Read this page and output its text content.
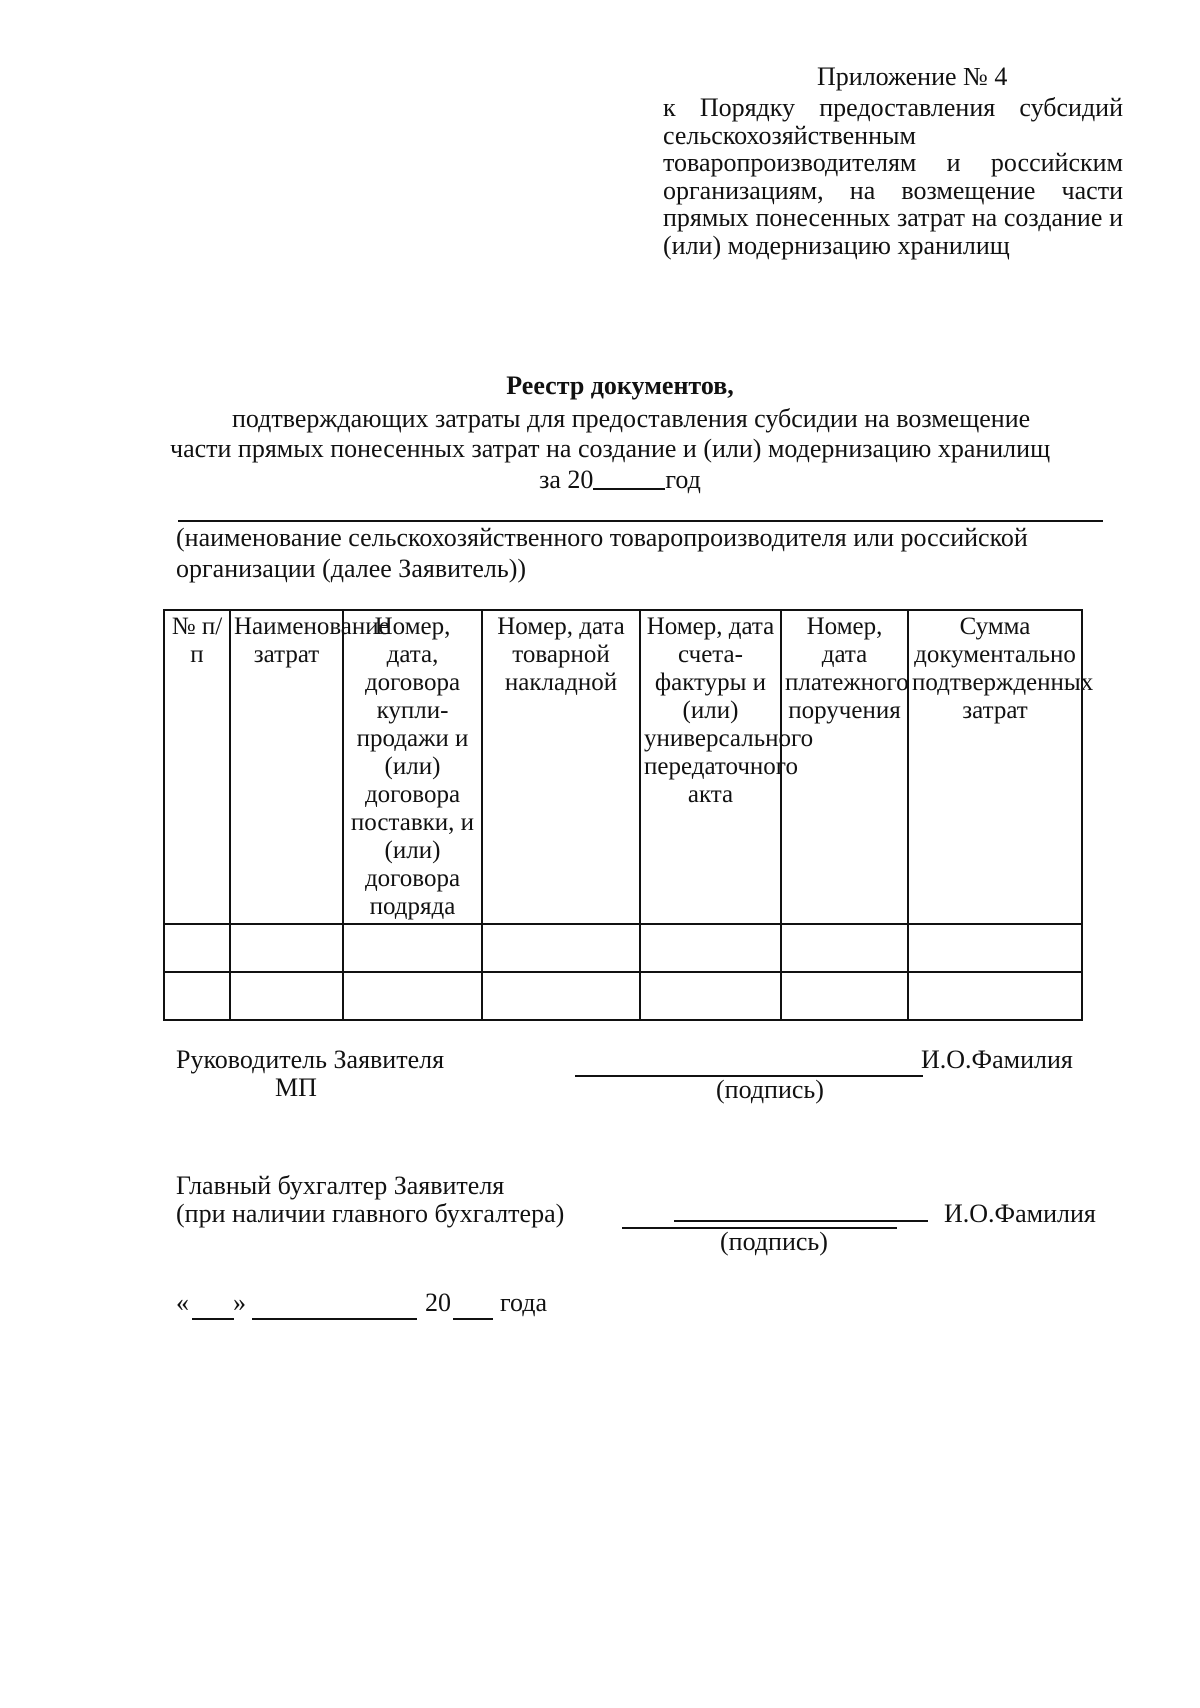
Приложение № 4
к Порядку предоставления субсидий сельскохозяйственным товаропроизводителям и российским организациям, на возмещение части прямых понесенных затрат на создание и (или) модернизацию хранилищ
Реестр документов,
подтверждающих затраты для предоставления субсидии на возмещение
части прямых понесенных затрат на создание и (или) модернизацию хранилищ
за 20	год
(наименование сельскохозяйственного товаропроизводителя или российской организации (далее Заявитель))
№ п/п	Наименование затрат	Номер, дата, договора купли-продажи и (или) договора поставки, и (или) договора подряда	Номер, дата товарной накладной	Номер, дата счета-фактуры и (или) универсального передаточного акта	Номер, дата платежного поручения	Сумма документально подтвержденных затрат

Руководитель Заявителя
МП
И.О.Фамилия
(подпись)
Главный бухгалтер Заявителя
(при наличии главного бухгалтера)	И.О.Фамилия
(подпись)
« »	20 года
